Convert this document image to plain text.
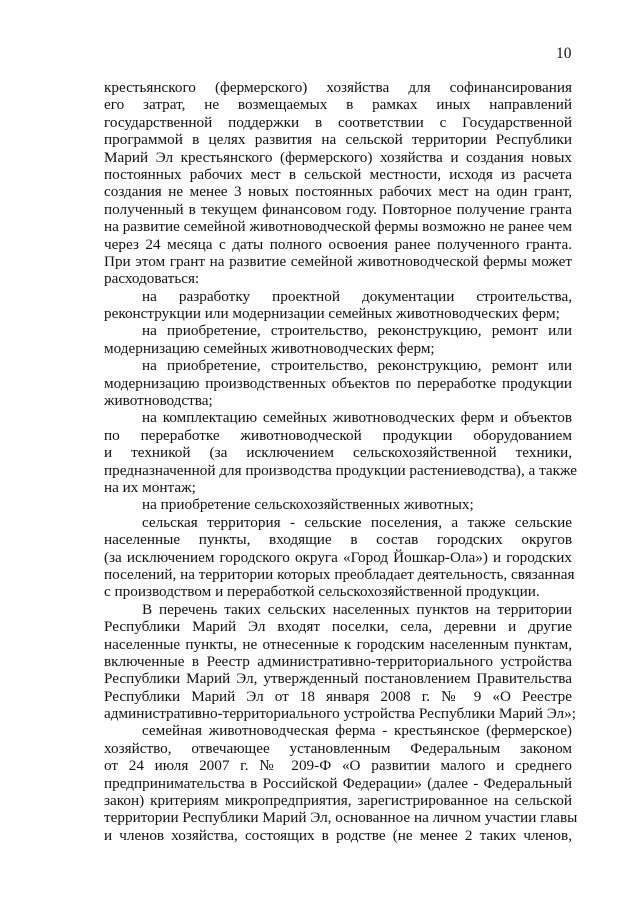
10
крестьянского (фермерского) хозяйства для софинансирования
его затрат, не возмещаемых в рамках иных направлений
государственной поддержки в соответствии с Государственной
программой в целях развития на сельской территории Республики
Марий Эл крестьянского (фермерского) хозяйства и создания новых
постоянных рабочих мест в сельской местности, исходя из расчета
создания не менее 3 новых постоянных рабочих мест на один грант,
полученный в текущем финансовом году. Повторное получение гранта
на развитие семейной животноводческой фермы возможно не ранее чем
через 24 месяца с даты полного освоения ранее полученного гранта.
При этом грант на развитие семейной животноводческой фермы может
расходоваться:
на разработку проектной документации строительства,
реконструкции или модернизации семейных животноводческих ферм;
на приобретение, строительство, реконструкцию, ремонт или
модернизацию семейных животноводческих ферм;
на приобретение, строительство, реконструкцию, ремонт или
модернизацию производственных объектов по переработке продукции
животноводства;
на комплектацию семейных животноводческих ферм и объектов
по переработке животноводческой продукции оборудованием
и техникой (за исключением сельскохозяйственной техники,
предназначенной для производства продукции растениеводства), а также
на их монтаж;
на приобретение сельскохозяйственных животных;
сельская территория - сельские поселения, а также сельские
населенные пункты, входящие в состав городских округов
(за исключением городского округа «Город Йошкар-Ола») и городских
поселений, на территории которых преобладает деятельность, связанная
с производством и переработкой сельскохозяйственной продукции.
В перечень таких сельских населенных пунктов на территории
Республики Марий Эл входят поселки, села, деревни и другие
населенные пункты, не отнесенные к городским населенным пунктам,
включенные в Реестр административно-территориального устройства
Республики Марий Эл, утвержденный постановлением Правительства
Республики Марий Эл от 18 января 2008 г. № 9 «О Реестре
административно-территориального устройства Республики Марий Эл»;
семейная животноводческая ферма - крестьянское (фермерское)
хозяйство, отвечающее установленным Федеральным законом
от 24 июля 2007 г. № 209-Ф «О развитии малого и среднего
предпринимательства в Российской Федерации» (далее - Федеральный
закон) критериям микропредприятия, зарегистрированное на сельской
территории Республики Марий Эл, основанное на личном участии главы
и членов хозяйства, состоящих в родстве (не менее 2 таких членов,
